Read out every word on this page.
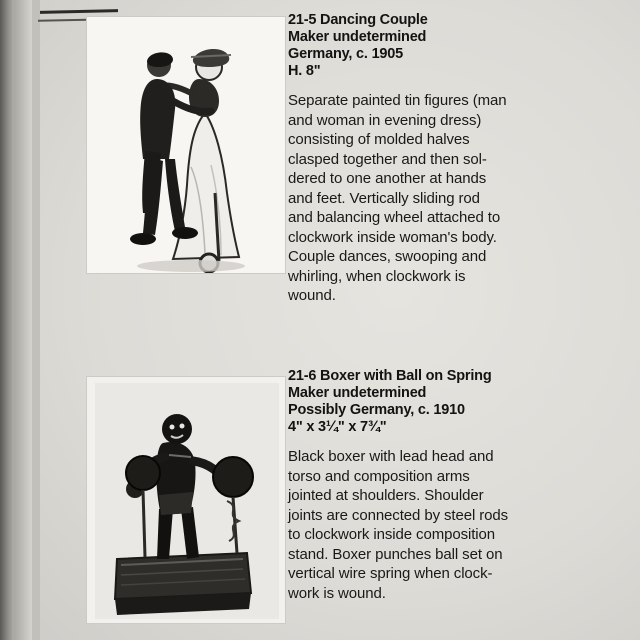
21-5 Dancing Couple
Maker undetermined
Germany, c. 1905
H. 8"
Separate painted tin figures (man
and woman in evening dress)
consisting of molded halves
clasped together and then sol-
dered to one another at hands
and feet. Vertically sliding rod
and balancing wheel attached to
clockwork inside woman's body.
Couple dances, swooping and
whirling, when clockwork is
wound.
21-6 Boxer with Ball on Spring
Maker undetermined
Possibly Germany, c. 1910
4" x 3¼" x 7¾"
Black boxer with lead head and
torso and composition arms
jointed at shoulders. Shoulder
joints are connected by steel rods
to clockwork inside composition
stand. Boxer punches ball set on
vertical wire spring when clock-
work is wound.
